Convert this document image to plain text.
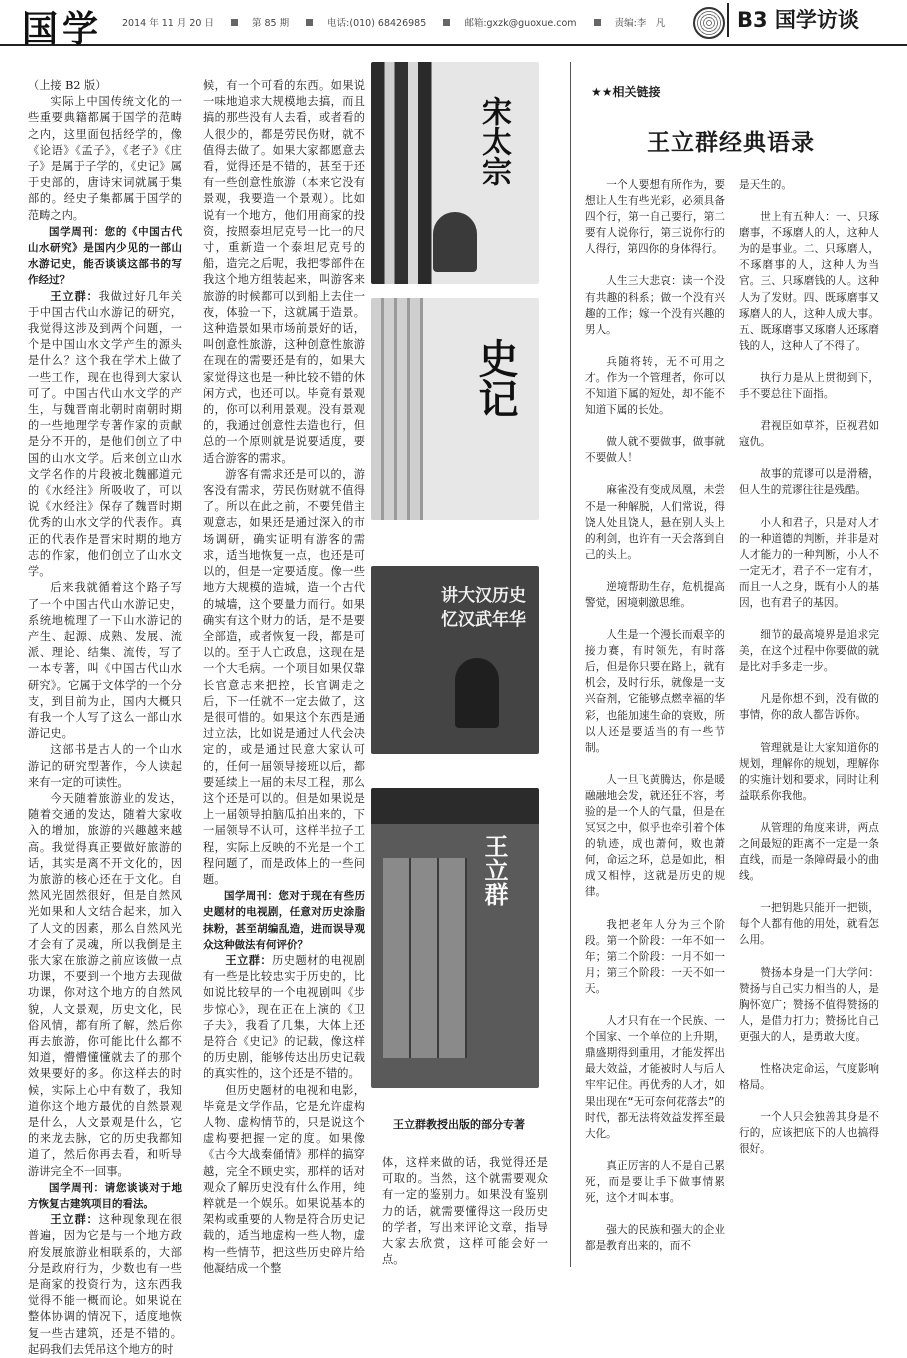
国学 2014 年 11 月 20 日	第 85 期	电话:(010) 68426985	邮箱:gxzk@guoxue.com	责编:李　凡	B3 国学访谈

（上接 B2 版）

实际上中国传统文化的一些重要典籍都属于国学的范畴之内，这里面包括经学的，像《论语》《孟子》，《老子》《庄子》是属于子学的，《史记》属于史部的，唐诗宋词就属于集部的。经史子集都属于国学的范畴之内。

国学周刊：您的《中国古代山水研究》是国内少见的一部山水游记史，能否谈谈这部书的写作经过？

王立群：我做过好几年关于中国古代山水游记的研究，我觉得这涉及到两个问题，一个是中国山水文学产生的源头是什么？这个我在学术上做了一些工作，现在也得到大家认可了。中国古代山水文学的产生，与魏晋南北朝时南朝时期的一些地理学专著作家的贡献是分不开的，是他们创立了中国的山水文学。后来创立山水文学名作的片段被北魏郦道元的《水经注》所吸收了，可以说《水经注》保存了魏晋时期优秀的山水文学的代表作。真正的代表作是晋宋时期的地方志的作家，他们创立了山水文学。

后来我就循着这个路子写了一个中国古代山水游记史，系统地梳理了一下山水游记的产生、起源、成熟、发展、流派、理论、结集、流传，写了一本专著，叫《中国古代山水研究》。它属于文体学的一个分支，到目前为止，国内大概只有我一个人写了这么一部山水游记史。

这部书是古人的一个山水游记的研究型著作，今人读起来有一定的可读性。

今天随着旅游业的发达，随着交通的发达，随着大家收入的增加，旅游的兴趣越来越高。我觉得真正要做好旅游的话，其实是离不开文化的，因为旅游的核心还在于文化。自然风光固然很好，但是自然风光如果和人文结合起来，加入了人文的因素，那么自然风光才会有了灵魂，所以我倒是主张大家在旅游之前应该做一点功课，不要到一个地方去现做功课，你对这个地方的自然风貌，人文景观，历史文化，民俗风情，都有所了解，然后你再去旅游，你可能比什么都不知道，懵懵懂懂就去了的那个效果要好的多。你这样去的时候，实际上心中有数了，我知道你这个地方最优的自然景观是什么，人文景观是什么，它的来龙去脉，它的历史我都知道了，然后你再去看，和听导游讲完全不一回事。

国学周刊：请您谈谈对于地方恢复古建筑项目的看法。

王立群：这种现象现在很普遍，因为它是与一个地方政府发展旅游业相联系的，大部分是政府行为，少数也有一些是商家的投资行为，这东西我觉得不能一概而论。如果说在整体协调的情况下，适度地恢复一些古建筑，还是不错的。起码我们去凭吊这个地方的时

候，有一个可看的东西。如果说一味地追求大规模地去搞，而且搞的那些没有人去看，或者看的人很少的，都是劳民伤财，就不值得去做了。如果大家都愿意去看，觉得还是不错的，甚至于还有一些创意性旅游（本来它没有景观，我要造一个景观）。比如说有一个地方，他们用商家的投资，按照泰坦尼克号一比一的尺寸，重新造一个泰坦尼克号的船，造完之后呢，我把零部件在我这个地方组装起来，叫游客来旅游的时候都可以到船上去住一夜，体验一下，这就属于造景。这种造景如果市场前景好的话，叫创意性旅游，这种创意性旅游在现在的需要还是有的，如果大家觉得这也是一种比较不错的休闲方式，也还可以。毕竟有景观的，你可以利用景观。没有景观的，我通过创意性去造也行，但总的一个原则就是说要适度，要适合游客的需求。

游客有需求还是可以的，游客没有需求，劳民伤财就不值得了。所以在此之前，不要凭借主观意志，如果还是通过深入的市场调研，确实证明有游客的需求，适当地恢复一点，也还是可以的，但是一定要适度。像一些地方大规模的造城，造一个古代的城墙，这个要量力而行。如果确实有这个财力的话，是不是要全部造，或者恢复一段，都是可以的。至于人亡政息，这现在是一个大毛病。一个项目如果仅靠长官意志来把控，长官调走之后，下一任就不一定去做了，这是很可惜的。如果这个东西是通过立法，比如说是通过人代会决定的，或是通过民意大家认可的，任何一届领导接班以后，都要延续上一届的未尽工程，那么这个还是可以的。但是如果说是上一届领导拍脑瓜拍出来的，下一届领导不认可，这样半拉子工程，实际上反映的不光是一个工程问题了，而是政体上的一些问题。

国学周刊：您对于现在有些历史题材的电视剧，任意对历史涂脂抹粉，甚至胡编乱造，进而误导观众这种做法有何评价？

王立群：历史题材的电视剧有一些是比较忠实于历史的，比如说比较早的一个电视剧叫《步步惊心》，现在正在上演的《卫子夫》，我看了几集，大体上还是符合《史记》的记载，像这样的历史剧，能够传达出历史记载的真实性的，这个还是不错的。

但历史题材的电视和电影，毕竟是文学作品，它是允许虚构人物、虚构情节的，只是说这个虚构要把握一定的度。如果像《古今大战秦俑情》那样的搞穿越，完全不顾史实，那样的话对观众了解历史没有什么作用，纯粹就是一个娱乐。如果说基本的架构或重要的人物是符合历史记载的，适当地虚构一些人物，虚构一些情节，把这些历史碎片给他凝结成一个整

宋太宗
史记
讲大汉历史 忆汉武年华
王立群
王立群教授出版的部分专著

体，这样来做的话，我觉得还是可取的。当然，这个就需要观众有一定的鉴别力。如果没有鉴别力的话，就需要懂得这一段历史的学者，写出来评论文章，指导大家去欣赏，这样可能会好一点。

★★相关链接
王立群经典语录

一个人要想有所作为，要想让人生有些光彩，必须具备四个行，第一自己要行，第二要有人说你行，第三说你行的人得行，第四你的身体得行。

人生三大悲哀：读一个没有共趣的科系；做一个没有兴趣的工作；嫁一个没有兴趣的男人。

兵随将转，无不可用之才。作为一个管理者，你可以不知道下属的短处，却不能不知道下属的长处。

做人就不要做事，做事就不要做人！

麻雀没有变成凤凰，未尝不是一种解脱，人们常说，得饶人处且饶人，悬在别人头上的利剑，也许有一天会落到自己的头上。

逆境帮助生存，危机提高警觉，困境刺激思维。

人生是一个漫长而艰辛的接力赛，有时领先，有时落后，但是你只要在路上，就有机会，及时行乐，就像是一支兴奋剂，它能够点燃幸福的华彩，也能加速生命的衰败，所以人还是要适当的有一些节制。

人一旦飞黄腾达，你是暖融融地会发，就还狂不容，考验的是一个人的气量，但是在冥冥之中，似乎也牵引着个体的轨迹，成也萧何，败也萧何，命运之环，总是如此，相成又相悖，这就是历史的规律。

我把老年人分为三个阶段。第一个阶段：一年不如一年；第二个阶段：一月不如一月；第三个阶段：一天不如一天。

人才只有在一个民族、一个国家、一个单位的上升期，鼎盛期得到重用，才能发挥出最大效益，才能被时人与后人牢牢记住。再优秀的人才，如果出现在“无可奈何花落去”的时代，都无法将效益发挥至最大化。

真正厉害的人不是自己累死，而是要让手下做事情累死，这个才叫本事。

强大的民族和强大的企业都是教育出来的，而不

是天生的。

世上有五种人：一、只琢磨事，不琢磨人的人，这种人为的是事业。二、只琢磨人，不琢磨事的人，这种人为当官。三、只琢磨钱的人。这种人为了发财。四、既琢磨事又琢磨人的人，这种人成大事。五、既琢磨事又琢磨人还琢磨钱的人，这种人了不得了。

执行力是从上贯彻到下，手不要总往下面指。

君视臣如草芥，臣视君如寇仇。

故事的荒谬可以是滑稽，但人生的荒谬往往是残酷。

小人和君子，只是对人才的一种道德的判断，并非是对人才能力的一种判断，小人不一定无才，君子不一定有才，而且一人之身，既有小人的基因，也有君子的基因。

细节的最高境界是追求完美，在这个过程中你要做的就是比对手多走一步。

凡是你想不到，没有做的事情，你的敌人都告诉你。

管理就是让大家知道你的规划，理解你的规划，理解你的实施计划和要求，同时让利益联系你我他。

从管理的角度来讲，两点之间最短的距离不一定是一条直线，而是一条障碍最小的曲线。

一把钥匙只能开一把锁，每个人都有他的用处，就看怎么用。

赞扬本身是一门大学问：赞扬与自己实力相当的人，是胸怀宽广；赞扬不值得赞扬的人，是借力打力；赞扬比自己更强大的人，是勇敢大度。

性格决定命运，气度影响格局。

一个人只会独善其身是不行的，应该把底下的人也搞得很好。
